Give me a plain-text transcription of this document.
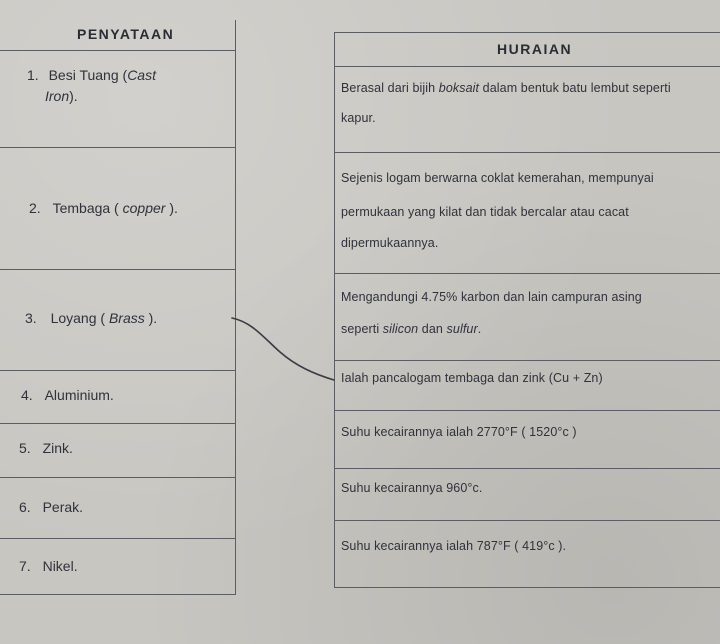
PENYATAAN
1. Besi Tuang (Cast
Iron).
2. Tembaga ( copper ).
3. Loyang ( Brass ).
4. Aluminium.
5. Zink.
6. Perak.
7. Nikel.
HURAIAN
Berasal dari bijih boksait dalam bentuk batu lembut seperti
kapur.
Sejenis logam berwarna coklat kemerahan, mempunyai
permukaan yang kilat dan tidak bercalar atau cacat
dipermukaannya.
Mengandungi 4.75% karbon dan lain campuran asing
seperti silicon dan sulfur.
Ialah pancalogam tembaga dan zink (Cu + Zn)
Suhu kecairannya ialah 2770°F ( 1520°c )
Suhu kecairannya 960°c.
Suhu kecairannya ialah 787°F ( 419°c ).
